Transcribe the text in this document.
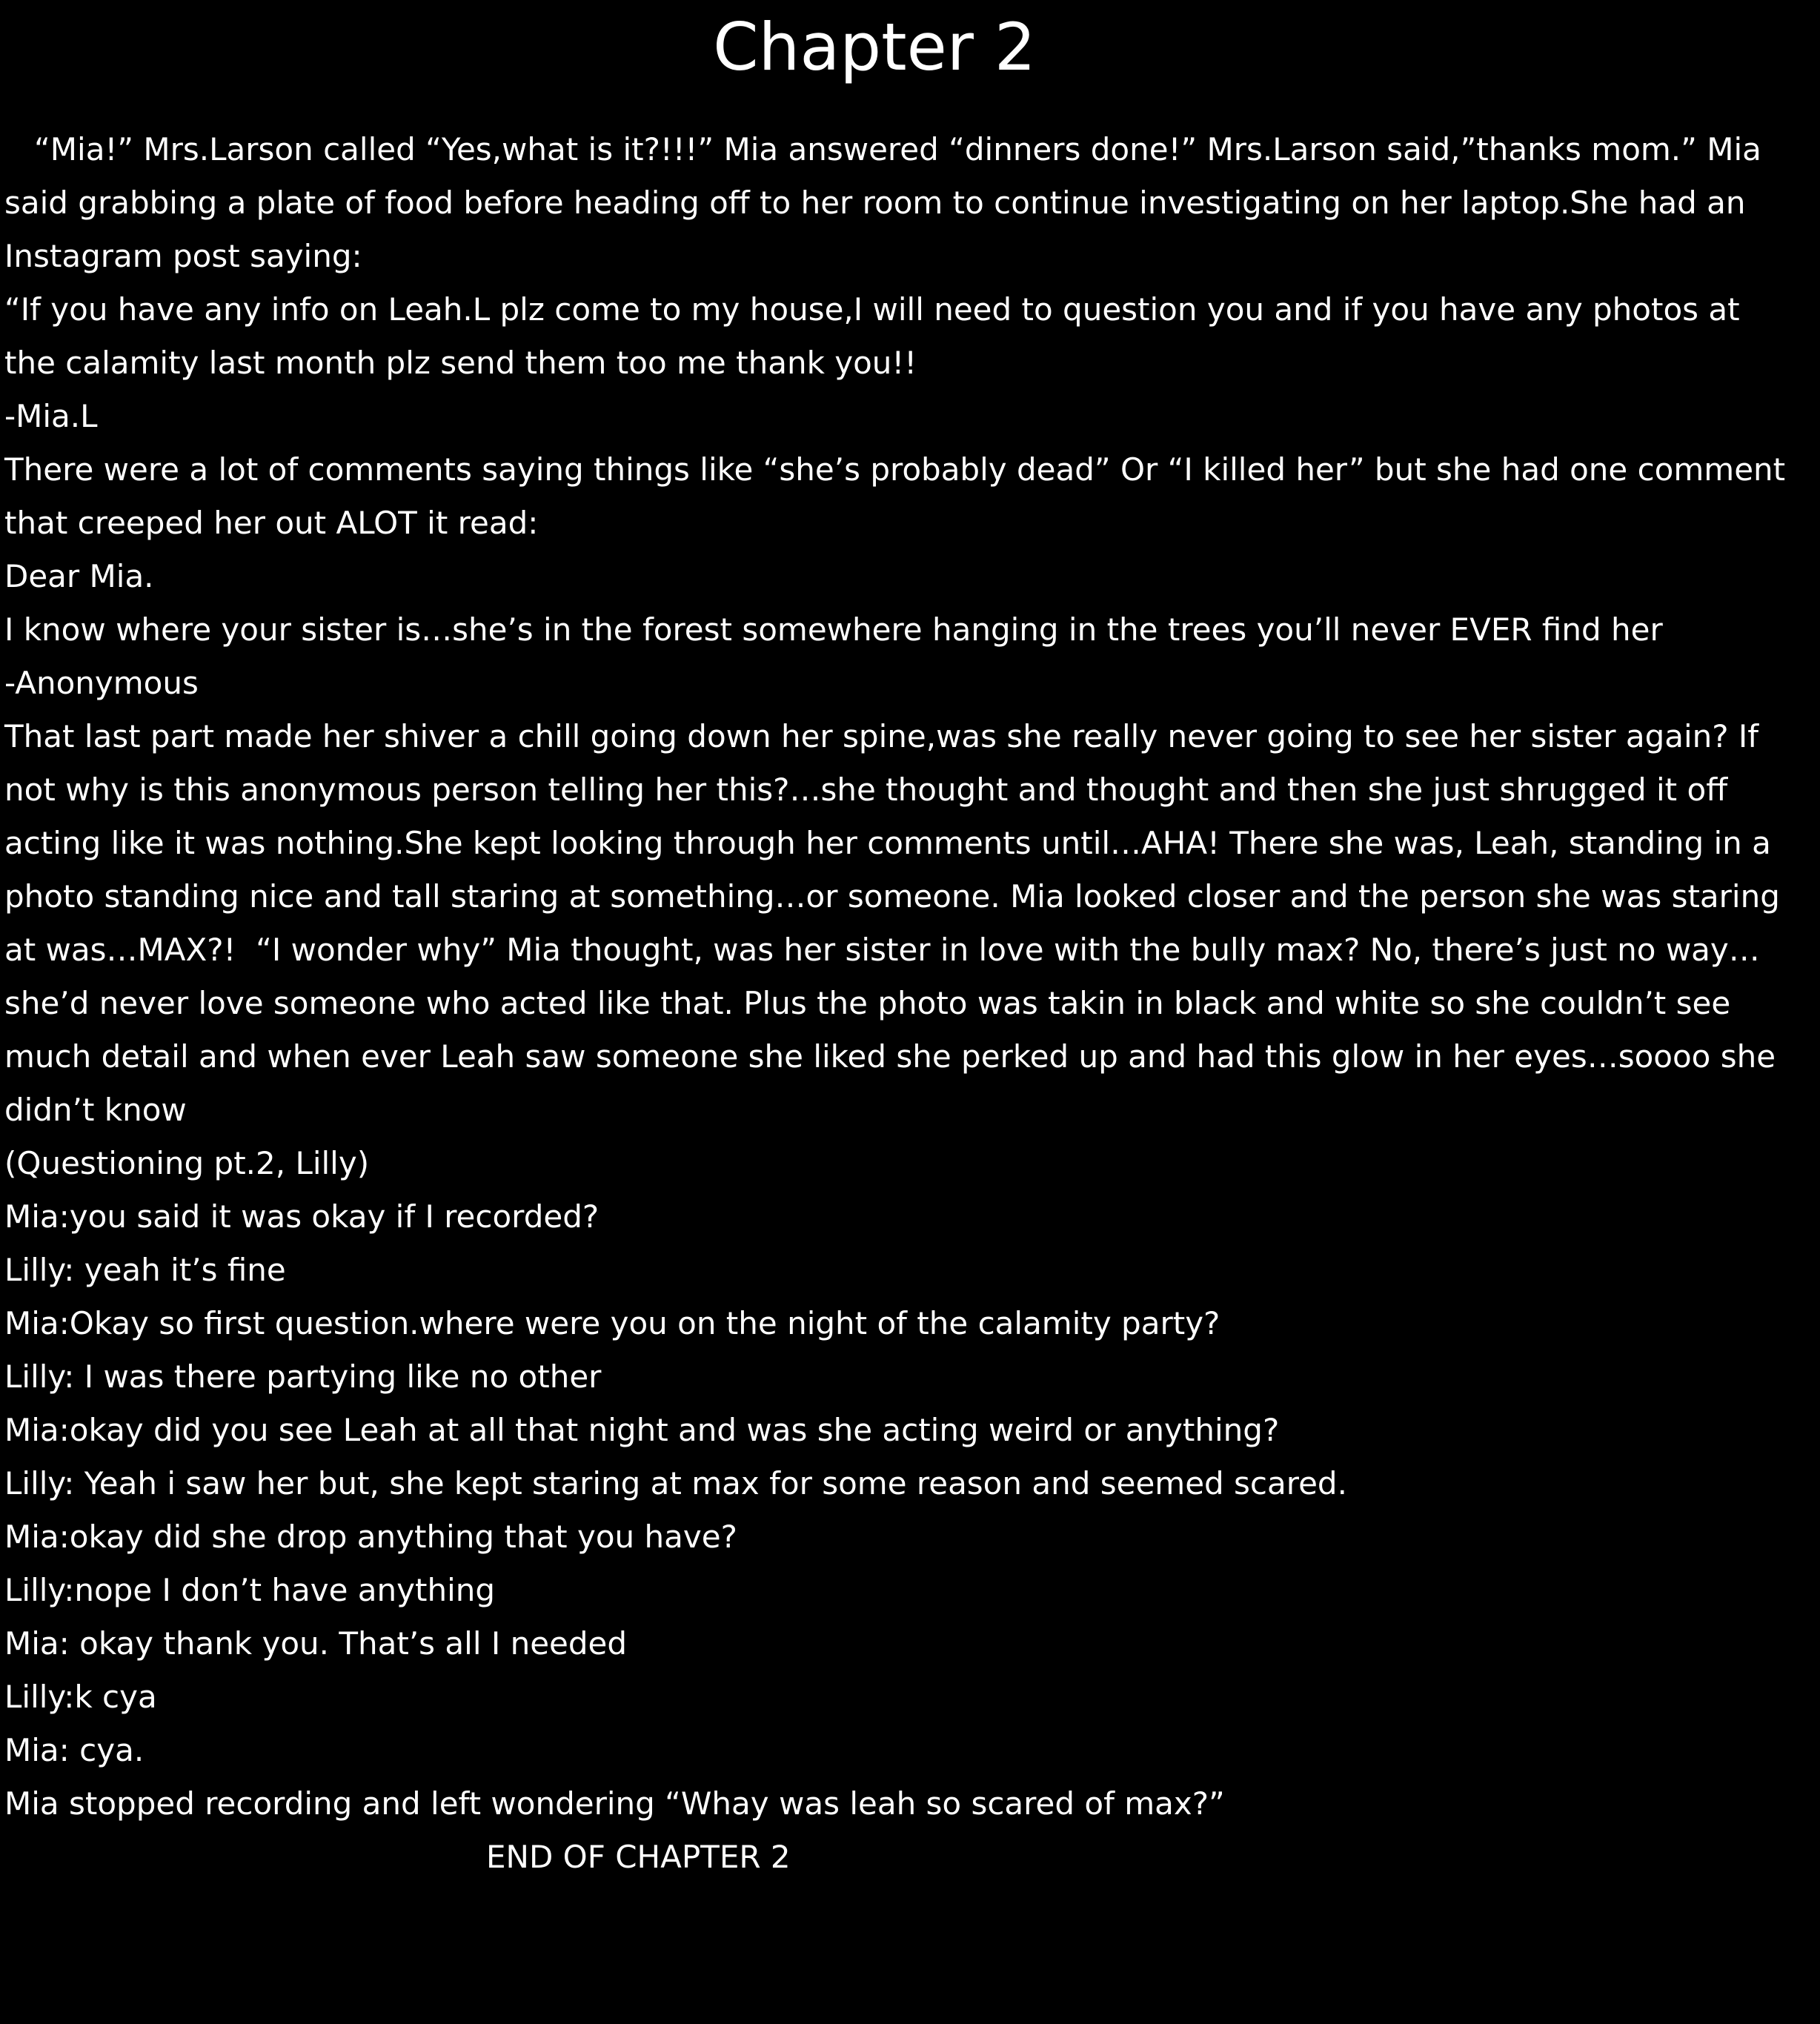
Chapter 2
“Mia!” Mrs.Larson called “Yes,what is it?!!!” Mia answered “dinners done!” Mrs.Larson said,”thanks mom.” Mia
said grabbing a plate of food before heading off to her room to continue investigating on her laptop.She had an
Instagram post saying:
“If you have any info on Leah.L plz come to my house,I will need to question you and if you have any photos at
the calamity last month plz send them too me thank you!!
-Mia.L
There were a lot of comments saying things like “she’s probably dead” Or “I killed her” but she had one comment
that creeped her out ALOT it read:
Dear Mia.
I know where your sister is…she’s in the forest somewhere hanging in the trees you’ll never EVER find her
-Anonymous
That last part made her shiver a chill going down her spine,was she really never going to see her sister again? If
not why is this anonymous person telling her this?…she thought and thought and then she just shrugged it off
acting like it was nothing.She kept looking through her comments until…AHA! There she was, Leah, standing in a
photo standing nice and tall staring at something…or someone. Mia looked closer and the person she was staring
at was…MAX?!  “I wonder why” Mia thought, was her sister in love with the bully max? No, there’s just no way…
she’d never love someone who acted like that. Plus the photo was takin in black and white so she couldn’t see
much detail and when ever Leah saw someone she liked she perked up and had this glow in her eyes…soooo she
didn’t know
(Questioning pt.2, Lilly)
Mia:you said it was okay if I recorded?
Lilly: yeah it’s fine
Mia:Okay so first question.where were you on the night of the calamity party?
Lilly: I was there partying like no other
Mia:okay did you see Leah at all that night and was she acting weird or anything?
Lilly: Yeah i saw her but, she kept staring at max for some reason and seemed scared.
Mia:okay did she drop anything that you have?
Lilly:nope I don’t have anything
Mia: okay thank you. That’s all I needed
Lilly:k cya
Mia: cya.
Mia stopped recording and left wondering “Whay was leah so scared of max?”
END OF CHAPTER 2
